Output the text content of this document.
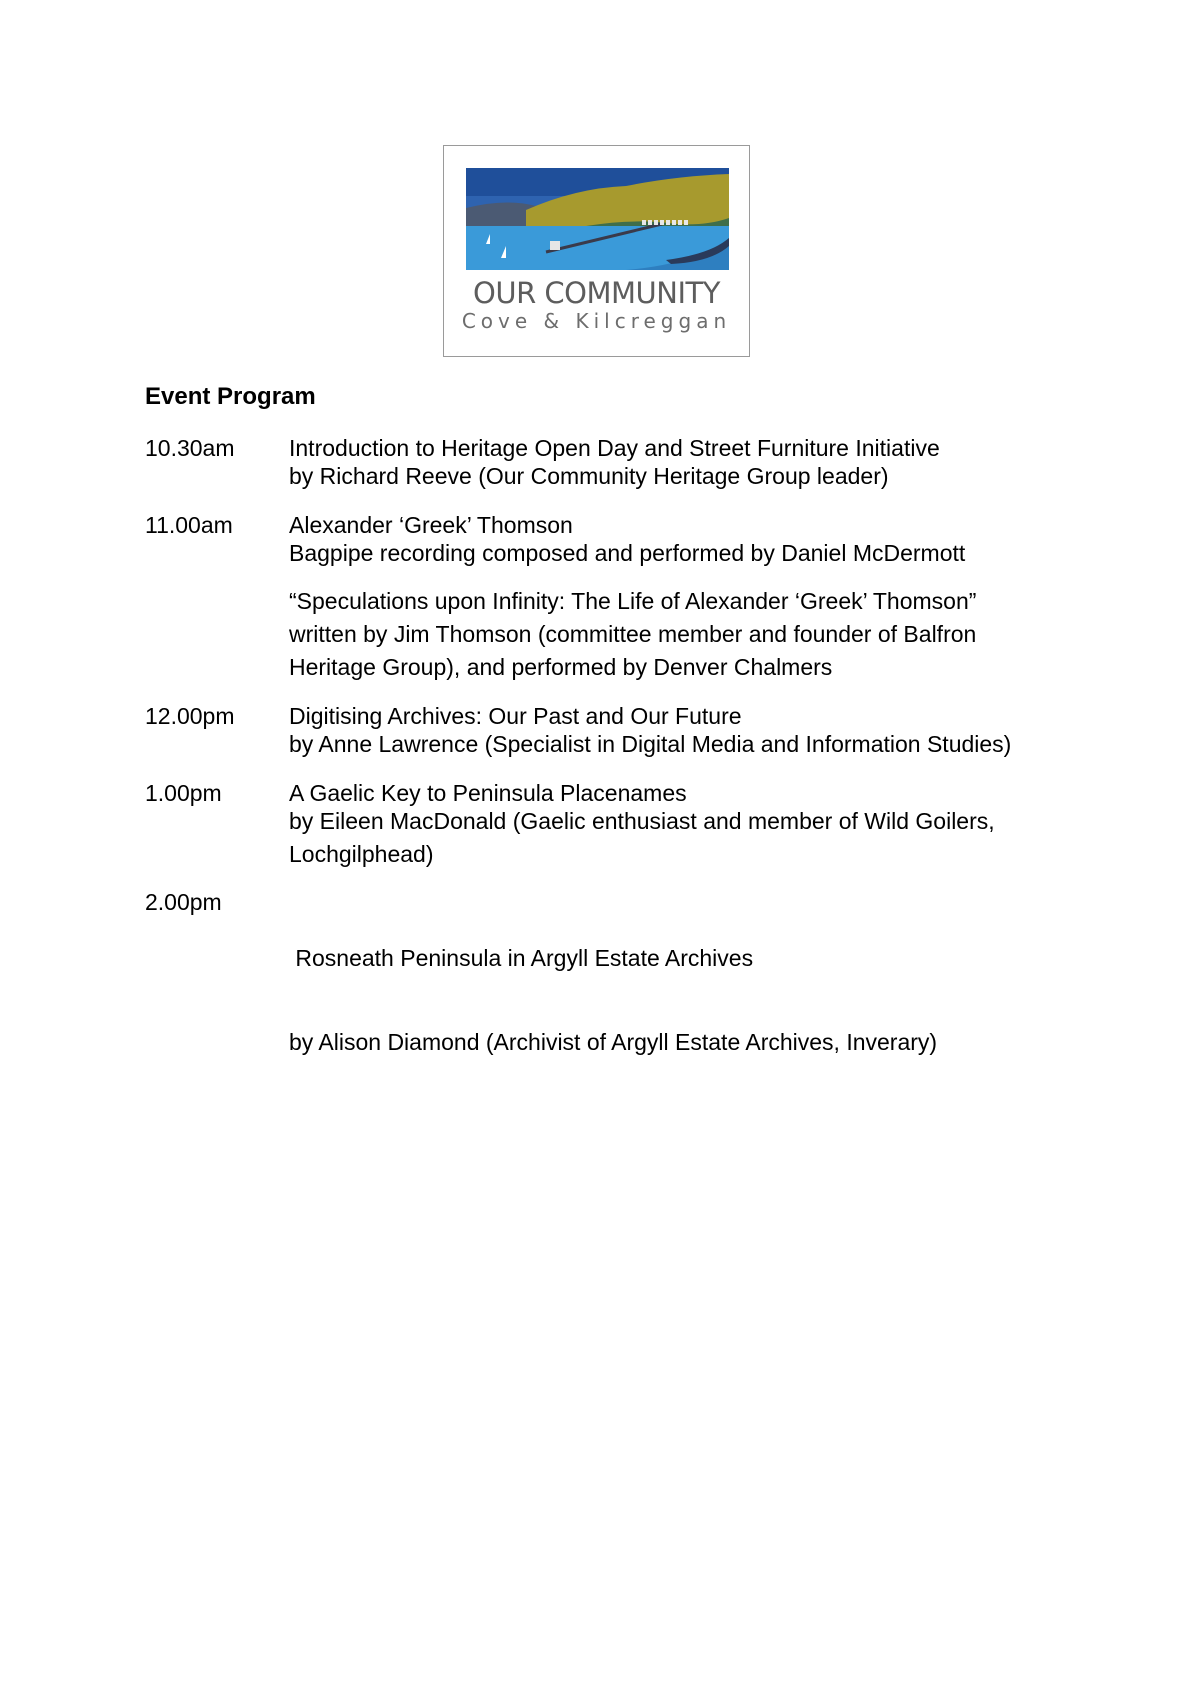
OUR COMMUNITY
Cove & Kilcreggan
Event Program
10.30am Introduction to Heritage Open Day and Street Furniture Initiative
by Richard Reeve (Our Community Heritage Group leader)
11.00am Alexander ‘Greek’ Thomson
Bagpipe recording composed and performed by Daniel McDermott
“Speculations upon Infinity: The Life of Alexander ‘Greek’ Thomson”
written by Jim Thomson (committee member and founder of Balfron
Heritage Group), and performed by Denver Chalmers
12.00pm Digitising Archives: Our Past and Our Future
by Anne Lawrence (Specialist in Digital Media and Information Studies)
1.00pm	A Gaelic Key to Peninsula Placenames
by Eileen MacDonald (Gaelic enthusiast and member of Wild Goilers,
Lochgilphead)
2.00pm

Rosneath Peninsula in Argyll Estate Archives

by Alison Diamond (Archivist of Argyll Estate Archives, Inverary)
